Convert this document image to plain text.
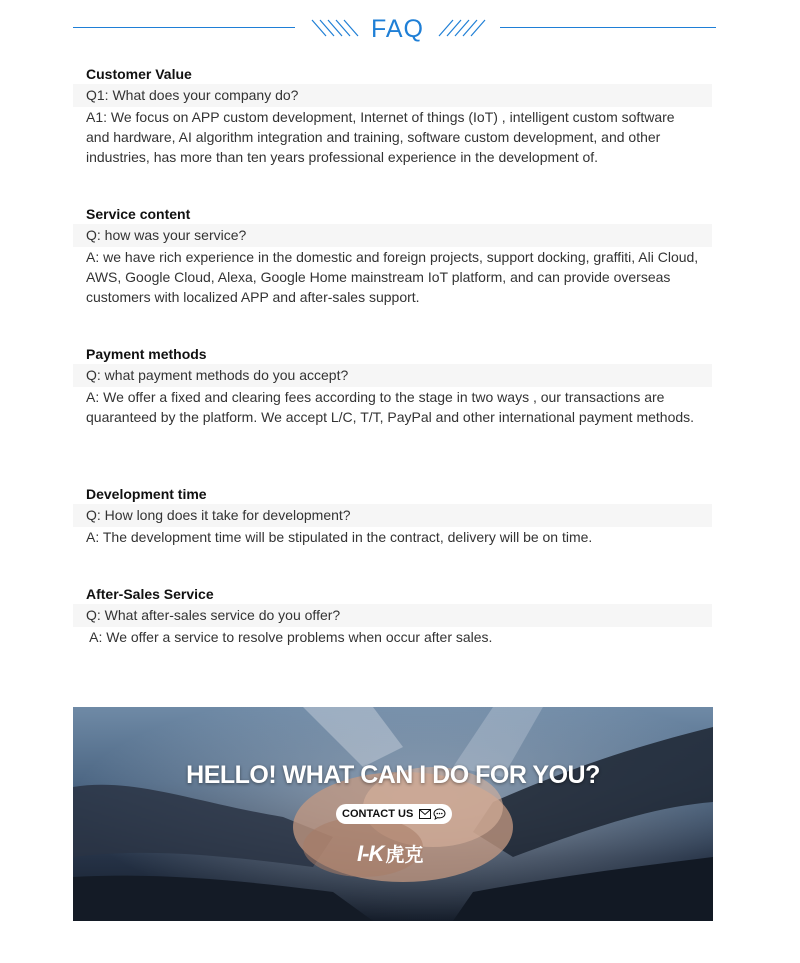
FAQ
Customer Value
Q1: What does your company do?
A1: We focus on APP custom development, Internet of things (IoT) , intelligent custom software and hardware, AI algorithm integration and training, software custom development, and other industries, has more than ten years professional experience in the development of.
Service content
Q: how was your service?
A: we have rich experience in the domestic and foreign projects, support docking, graffiti, Ali Cloud, AWS, Google Cloud, Alexa, Google Home mainstream IoT platform, and can provide overseas customers with localized APP and after-sales support.
Payment methods
Q: what payment methods do you accept?
A: We offer a fixed and clearing fees according to the stage in two ways , our transactions are quaranteed by the platform. We accept L/C, T/T, PayPal and other international payment methods.
Development time
Q: How long does it take for development?
A: The development time will be stipulated in the contract, delivery will be on time.
After-Sales Service
Q: What after-sales service do you offer?
A: We offer a service to resolve problems when occur after sales.
HELLO! WHAT CAN I DO FOR YOU?
CONTACT US
I-K 虎克
